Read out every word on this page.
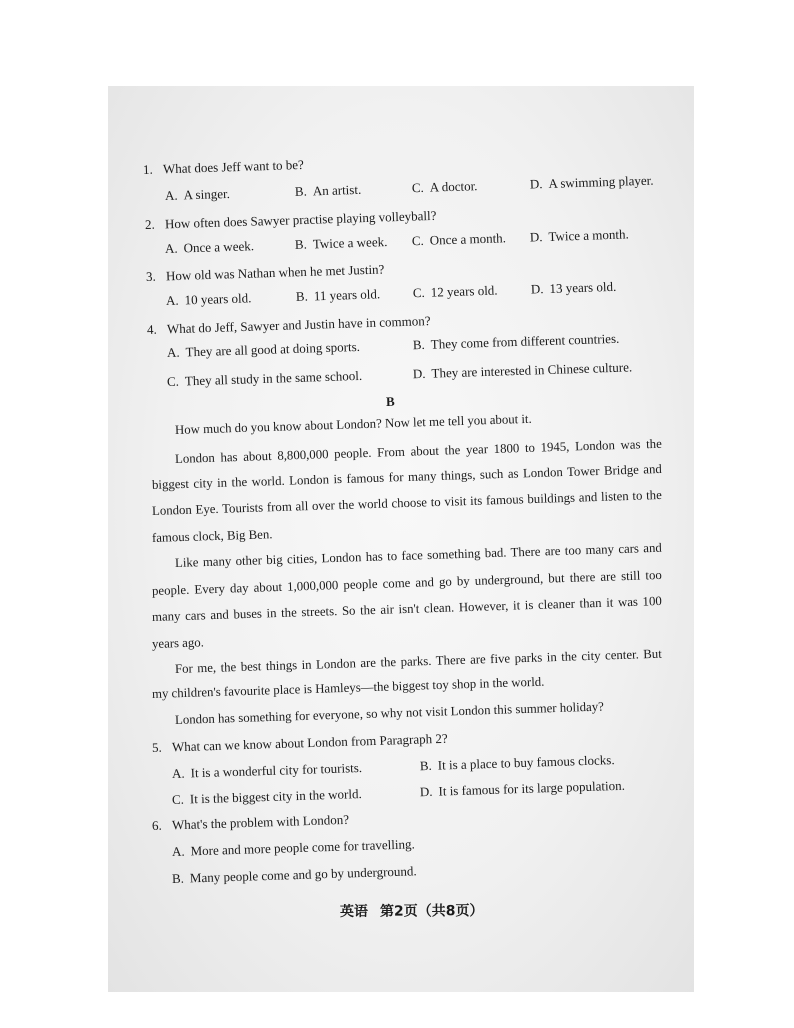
1. What does Jeff want to be?
A. A singer.	B. An artist.	C. A doctor.	D. A swimming player.
2. How often does Sawyer practise playing volleyball?
A. Once a week.	B. Twice a week. C. Once a month. D. Twice a month.
3. How old was Nathan when he met Justin?
A. 10 years old.	B. 11 years old. C. 12 years old.	D. 13 years old.
4. What do Jeff, Sawyer and Justin have in common?
A. They are all good at doing sports.	B. They come from different countries.
C. They all study in the same school.	D. They are interested in Chinese culture.
B
How much do you know about London? Now let me tell you about it.
London has about 8,800,000 people. From about the year 1800 to 1945, London was the
biggest city in the world. London is famous for many things, such as London Tower Bridge and
London Eye. Tourists from all over the world choose to visit its famous buildings and listen to the
famous clock, Big Ben.
Like many other big cities, London has to face something bad. There are too many cars and
people. Every day about 1,000,000 people come and go by underground, but there are still too
many cars and buses in the streets. So the air isn't clean. However, it is cleaner than it was 100
years ago.
For me, the best things in London are the parks. There are five parks in the city center. But
my children's favourite place is Hamleys—the biggest toy shop in the world.
London has something for everyone, so why not visit London this summer holiday?
5. What can we know about London from Paragraph 2?
A. It is a wonderful city for tourists.	B. It is a place to buy famous clocks.
C. It is the biggest city in the world.	D. It is famous for its large population.
6. What's the problem with London?
A. More and more people come for travelling.
B. Many people come and go by underground.
英语 第2页（共8页）
